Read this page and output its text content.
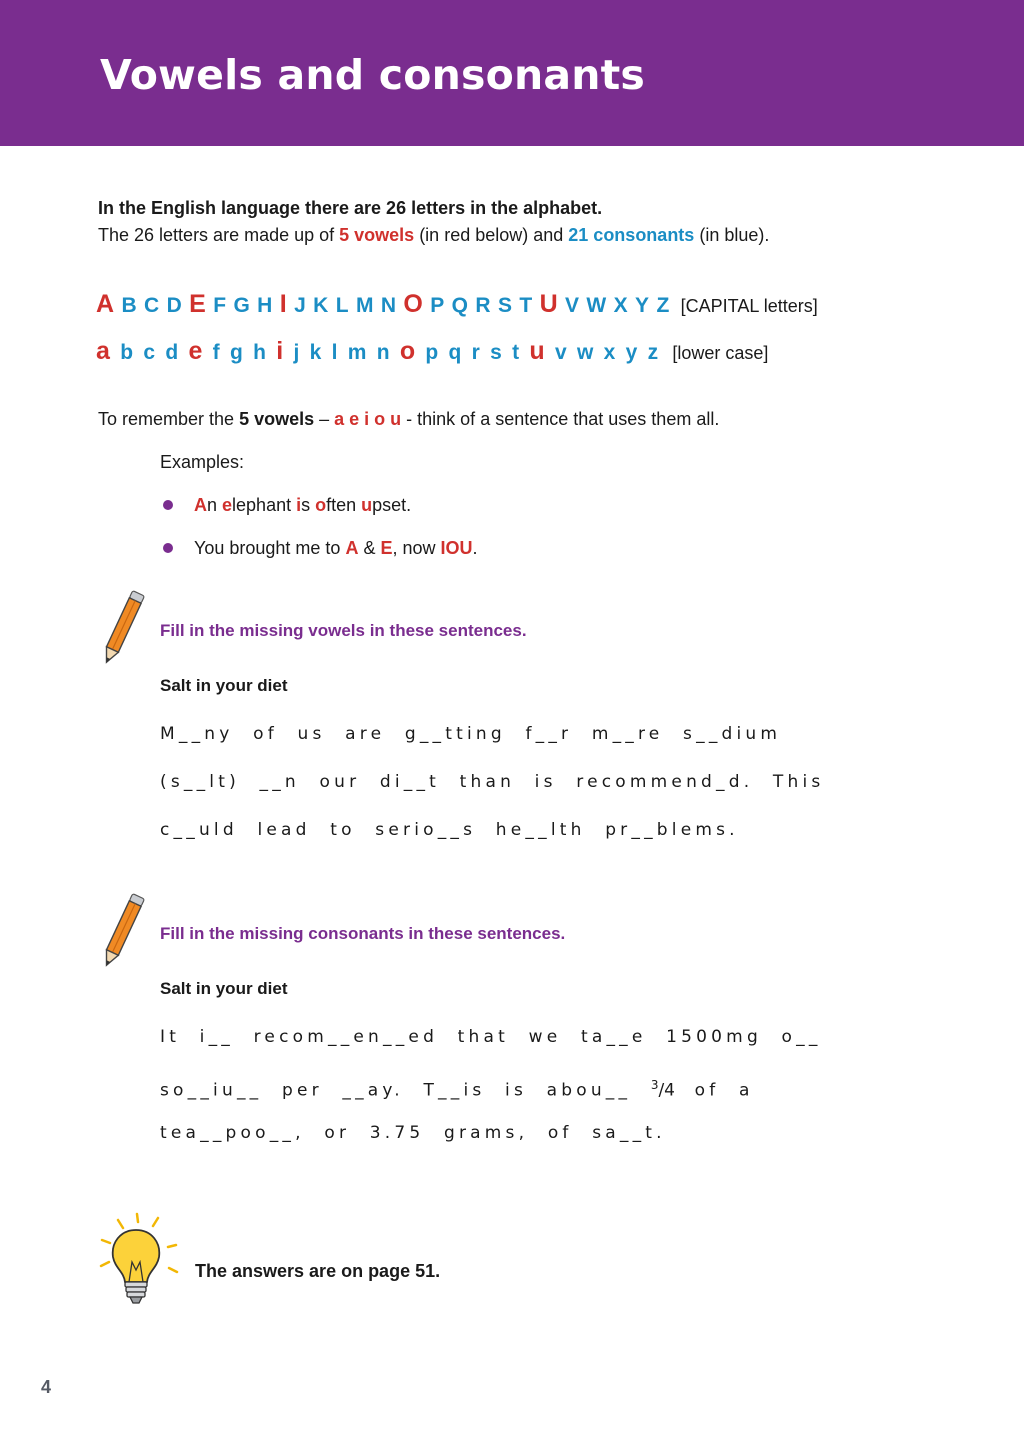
Vowels and consonants
In the English language there are 26 letters in the alphabet.
The 26 letters are made up of 5 vowels (in red below) and 21 consonants (in blue).
A B C D E F G H I J K L M N O P Q R S T U V W X Y Z [CAPITAL letters]
a b c d e f g h i j k l m n o p q r s t u v w x y z [lower case]
To remember the 5 vowels – a e i o u - think of a sentence that uses them all.
Examples:
An elephant is often upset.
You brought me to A & E, now IOU.
Fill in the missing vowels in these sentences.
Salt in your diet
M__ny of us are g__tting f__r m__re s__dium
(s__lt) __n our di__t than is recommend_d. This
c__uld lead to serio__s he__lth pr__blems.
Fill in the missing consonants in these sentences.
Salt in your diet
It i__ recom__en__ed that we ta__e 1500mg o__
so__iu__ per __ay. T__is is abou__ $^3$/4 of a
tea__poo__, or 3.75 grams, of sa__t.
The answers are on page 51.
4
